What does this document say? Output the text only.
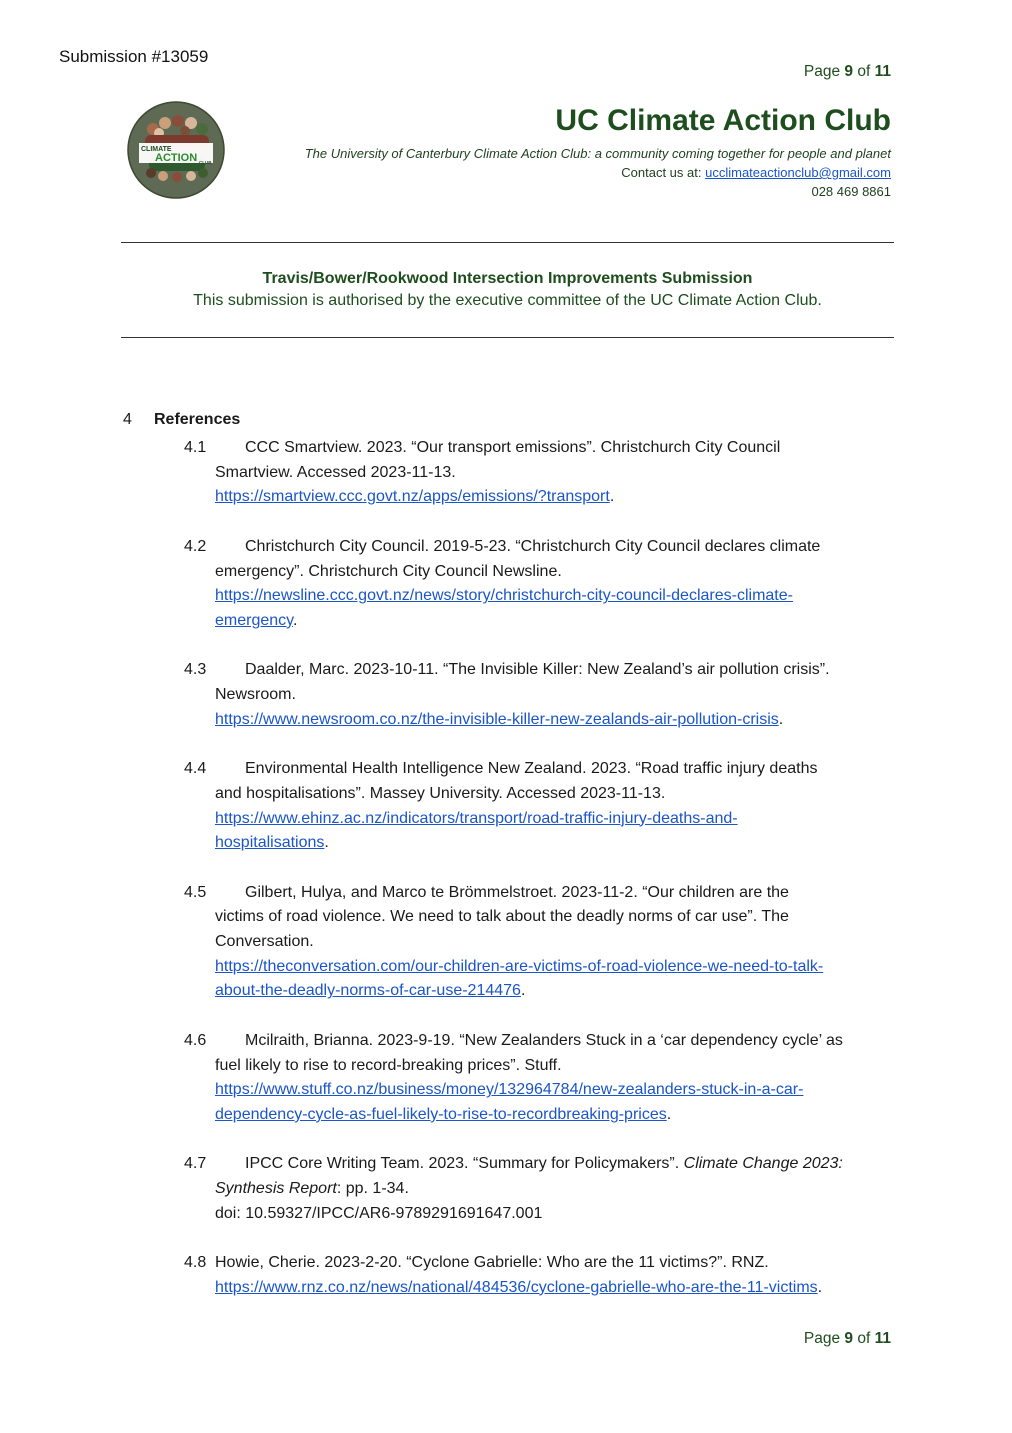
Submission #13059
Page 9 of 11
CLIMATE
ACTION CLUB
UC Climate Action Club
The University of Canterbury Climate Action Club: a community coming together for people and planet
Contact us at: ucclimateactionclub@gmail.com
028 469 8861
Travis/Bower/Rookwood Intersection Improvements Submission
This submission is authorised by the executive committee of the UC Climate Action Club.
4 References
4.1	CCC Smartview. 2023. “Our transport emissions”. Christchurch City Council
Smartview. Accessed 2023-11-13.
https://smartview.ccc.govt.nz/apps/emissions/?transport.
4.2	Christchurch City Council. 2019-5-23. “Christchurch City Council declares climate
emergency”. Christchurch City Council Newsline.
https://newsline.ccc.govt.nz/news/story/christchurch-city-council-declares-climate-
emergency.
4.3	Daalder, Marc. 2023-10-11. “The Invisible Killer: New Zealand’s air pollution crisis”.
Newsroom.
https://www.newsroom.co.nz/the-invisible-killer-new-zealands-air-pollution-crisis.
4.4	Environmental Health Intelligence New Zealand. 2023. “Road traffic injury deaths
and hospitalisations”. Massey University. Accessed 2023-11-13.
https://www.ehinz.ac.nz/indicators/transport/road-traffic-injury-deaths-and-
hospitalisations.
4.5	Gilbert, Hulya, and Marco te Brömmelstroet. 2023-11-2. “Our children are the
victims of road violence. We need to talk about the deadly norms of car use”. The
Conversation.
https://theconversation.com/our-children-are-victims-of-road-violence-we-need-to-talk-
about-the-deadly-norms-of-car-use-214476.
4.6	Mcilraith, Brianna. 2023-9-19. “New Zealanders Stuck in a ‘car dependency cycle’ as
fuel likely to rise to record-breaking prices”. Stuff.
https://www.stuff.co.nz/business/money/132964784/new-zealanders-stuck-in-a-car-
dependency-cycle-as-fuel-likely-to-rise-to-recordbreaking-prices.
4.7	IPCC Core Writing Team. 2023. “Summary for Policymakers”. Climate Change 2023:
Synthesis Report: pp. 1-34.
doi: 10.59327/IPCC/AR6-9789291691647.001
4.8 Howie, Cherie. 2023-2-20. “Cyclone Gabrielle: Who are the 11 victims?”. RNZ.
https://www.rnz.co.nz/news/national/484536/cyclone-gabrielle-who-are-the-11-victims.
Page 9 of 11
